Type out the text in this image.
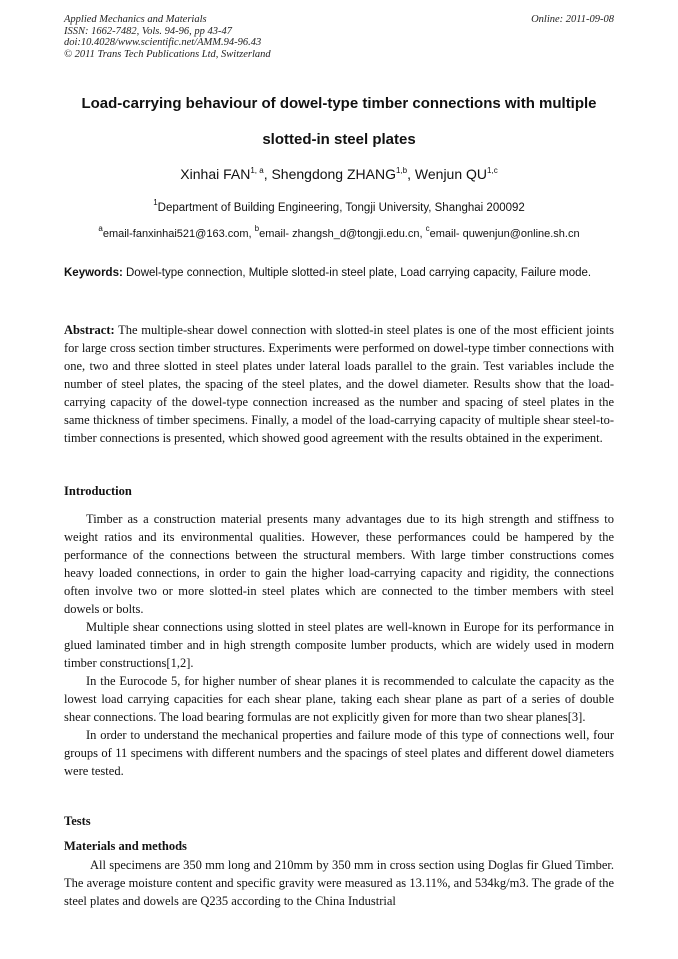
Applied Mechanics and Materials
ISSN: 1662-7482, Vols. 94-96, pp 43-47
doi:10.4028/www.scientific.net/AMM.94-96.43
© 2011 Trans Tech Publications Ltd, Switzerland
Online: 2011-09-08
Load-carrying behaviour of dowel-type timber connections with multiple slotted-in steel plates
Xinhai FAN$^{1, a}$, Shengdong ZHANG$^{1,b}$, Wenjun QU$^{1,c}$
$^1$Department of Building Engineering, Tongji University, Shanghai 200092
$^a$email-fanxinhai521@163.com, $^b$email- zhangsh_d@tongji.edu.cn, $^c$email- quwenjun@online.sh.cn
Keywords: Dowel-type connection, Multiple slotted-in steel plate, Load carrying capacity, Failure mode.
Abstract: The multiple-shear dowel connection with slotted-in steel plates is one of the most efficient joints for large cross section timber structures. Experiments were performed on dowel-type timber connections with one, two and three slotted in steel plates under lateral loads parallel to the grain. Test variables include the number of steel plates, the spacing of the steel plates, and the dowel diameter. Results show that the load-carrying capacity of the dowel-type connection increased as the number and spacing of steel plates in the same thickness of timber specimens. Finally, a model of the load-carrying capacity of multiple shear steel-to-timber connections is presented, which showed good agreement with the results obtained in the experiment.
Introduction

Timber as a construction material presents many advantages due to its high strength and stiffness to weight ratios and its environmental qualities. However, these performances could be hampered by the performance of the connections between the structural members. With large timber constructions comes heavy loaded connections, in order to gain the higher load-carrying capacity and rigidity, the connections often involve two or more slotted-in steel plates which are connected to the timber members with steel dowels or bolts.

Multiple shear connections using slotted in steel plates are well-known in Europe for its performance in glued laminated timber and in high strength composite lumber products, which are widely used in modern timber constructions[1,2].

In the Eurocode 5, for higher number of shear planes it is recommended to calculate the capacity as the lowest load carrying capacities for each shear plane, taking each shear plane as part of a series of double shear connections. The load bearing formulas are not explicitly given for more than two shear planes[3].

In order to understand the mechanical properties and failure mode of this type of connections well, four groups of 11 specimens with different numbers and the spacings of steel plates and different dowel diameters were tested.

Tests
Materials and methods

All specimens are 350 mm long and 210mm by 350 mm in cross section using Doglas fir Glued Timber. The average moisture content and specific gravity were measured as 13.11%, and 534kg/m3. The grade of the steel plates and dowels are Q235 according to the China Industrial
